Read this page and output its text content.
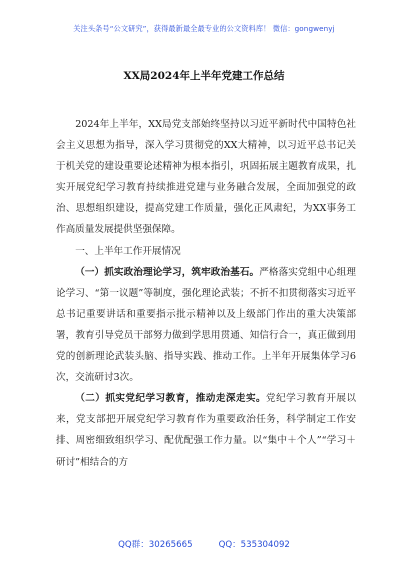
关注头条号“公文研究”，获得最新最全最专业的公文资料库！ 微信：gongwenyj
XX局2024年上半年党建工作总结

2024年上半年，XX局党支部始终坚持以习近平新时代中国特色社会主义思想为指导，深入学习贯彻党的XX大精神，以习近平总书记关于机关党的建设重要论述精神为根本指引，巩固拓展主题教育成果，扎实开展党纪学习教育持续推进党建与业务融合发展，全面加强党的政治、思想组织建设，提高党建工作质量，强化正风肃纪，为XX事务工作高质量发展提供坚强保障。

一、上半年工作开展情况

（一）抓实政治理论学习，筑牢政治基石。严格落实党组中心组理论学习、“第一议题”等制度，强化理论武装；不折不扣贯彻落实习近平总书记重要讲话和重要指示批示精神以及上级部门作出的重大决策部署，教育引导党员干部努力做到学思用贯通、知信行合一，真正做到用党的创新理论武装头脑、指导实践、推动工作。上半年开展集体学习6次，交流研讨3次。

（二）抓实党纪学习教育，推动走深走实。党纪学习教育开展以来，党支部把开展党纪学习教育作为重要政治任务，科学制定工作安排、周密细致组织学习、配优配强工作力量。以“集中＋个人”“学习＋研讨”相结合的方

QQ群：30265665	QQ：535304092
